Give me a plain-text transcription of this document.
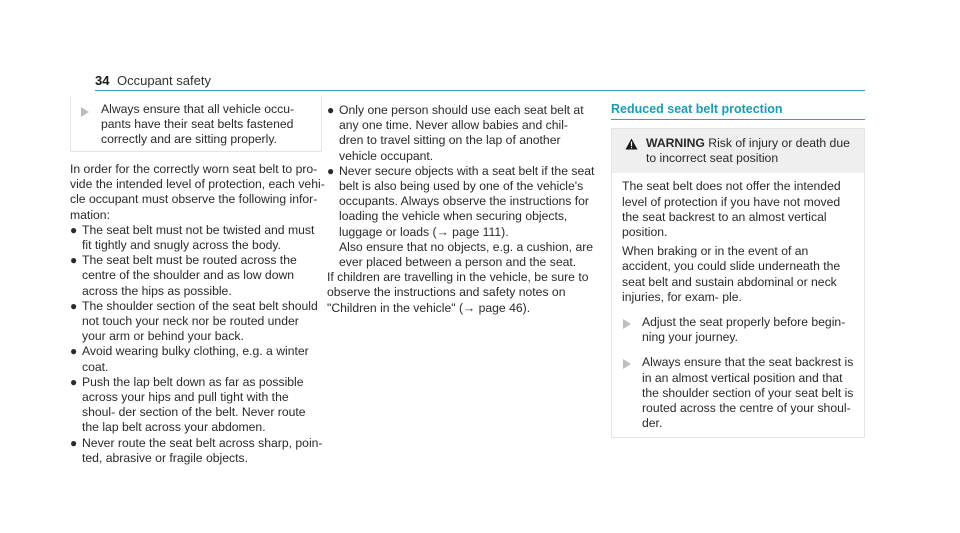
34 Occupant safety
Always ensure that all vehicle occu- pants have their seat belts fastened correctly and are sitting properly.

In order for the correctly worn seat belt to pro- vide the intended level of protection, each vehi- cle occupant must observe the following infor- mation:

● The seat belt must not be twisted and must fit tightly and snugly across the body.
● The seat belt must be routed across the centre of the shoulder and as low down across the hips as possible.
● The shoulder section of the seat belt should not touch your neck nor be routed under your arm or behind your back.
● Avoid wearing bulky clothing, e.g. a winter coat.
● Push the lap belt down as far as possible across your hips and pull tight with the shoul- der section of the belt. Never route the lap belt across your abdomen.
● Never route the seat belt across sharp, poin- ted, abrasive or fragile objects.
● Only one person should use each seat belt at any one time. Never allow babies and chil- dren to travel sitting on the lap of another vehicle occupant.
● Never secure objects with a seat belt if the seat belt is also being used by one of the vehicle's occupants. Always observe the instructions for loading the vehicle when securing objects, luggage or loads (→ page 111).
Also ensure that no objects, e.g. a cushion, are ever placed between a person and the seat.

If children are travelling in the vehicle, be sure to observe the instructions and safety notes on "Children in the vehicle" (→ page 46).

Reduced seat belt protection
WARNING Risk of injury or death due to incorrect seat position

The seat belt does not offer the intended level of protection if you have not moved the seat backrest to an almost vertical position.

When braking or in the event of an accident, you could slide underneath the seat belt and sustain abdominal or neck injuries, for exam- ple.

Adjust the seat properly before begin- ning your journey.
Always ensure that the seat backrest is in an almost vertical position and that the shoulder section of your seat belt is routed across the centre of your shoul- der.
